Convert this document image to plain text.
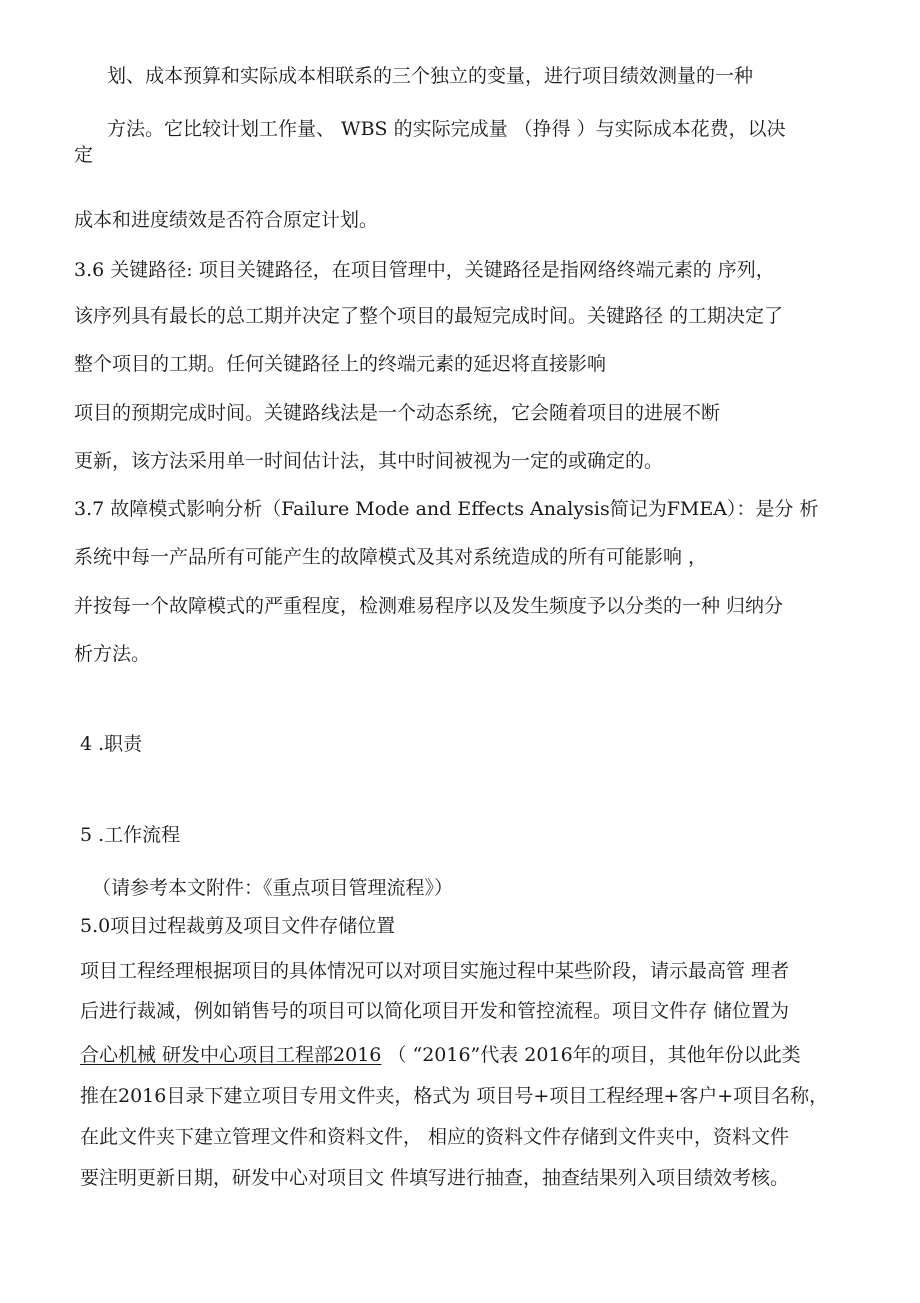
划、成本预算和实际成本相联系的三个独立的变量，进行项目绩效测量的一种
方法。它比较计划工作量、 WBS 的实际完成量 （挣得 ）与实际成本花费，以决
定
成本和进度绩效是否符合原定计划。
3.6 关键路径: 项目关键路径，在项目管理中，关键路径是指网络终端元素的 序列，
该序列具有最长的总工期并决定了整个项目的最短完成时间。关键路径 的工期决定了
整个项目的工期。任何关键路径上的终端元素的延迟将直接影响
项目的预期完成时间。关键路线法是一个动态系统，它会随着项目的进展不断
更新，该方法采用单一时间估计法，其中时间被视为一定的或确定的。
3.7 故障模式影响分析（Failure Mode and Effects Analysis简记为FMEA）：是分 析
系统中每一产品所有可能产生的故障模式及其对系统造成的所有可能影响 ，
并按每一个故障模式的严重程度，检测难易程序以及发生频度予以分类的一种 归纳分
析方法。
4 .职责
5 .工作流程
（请参考本文附件：《重点项目管理流程》）
5.0项目过程裁剪及项目文件存储位置
项目工程经理根据项目的具体情况可以对项目实施过程中某些阶段，请示最高管 理者
后进行裁减，例如销售号的项目可以简化项目开发和管控流程。项目文件存 储位置为
合心机械 研发中心项目工程部2016 （ “2016”代表 2016年的项目，其他年份以此类
推在2016目录下建立项目专用文件夹，格式为 项目号+项目工程经理+客户+项目名称，
在此文件夹下建立管理文件和资料文件， 相应的资料文件存储到文件夹中，资料文件
要注明更新日期，研发中心对项目文 件填写进行抽查，抽查结果列入项目绩效考核。
